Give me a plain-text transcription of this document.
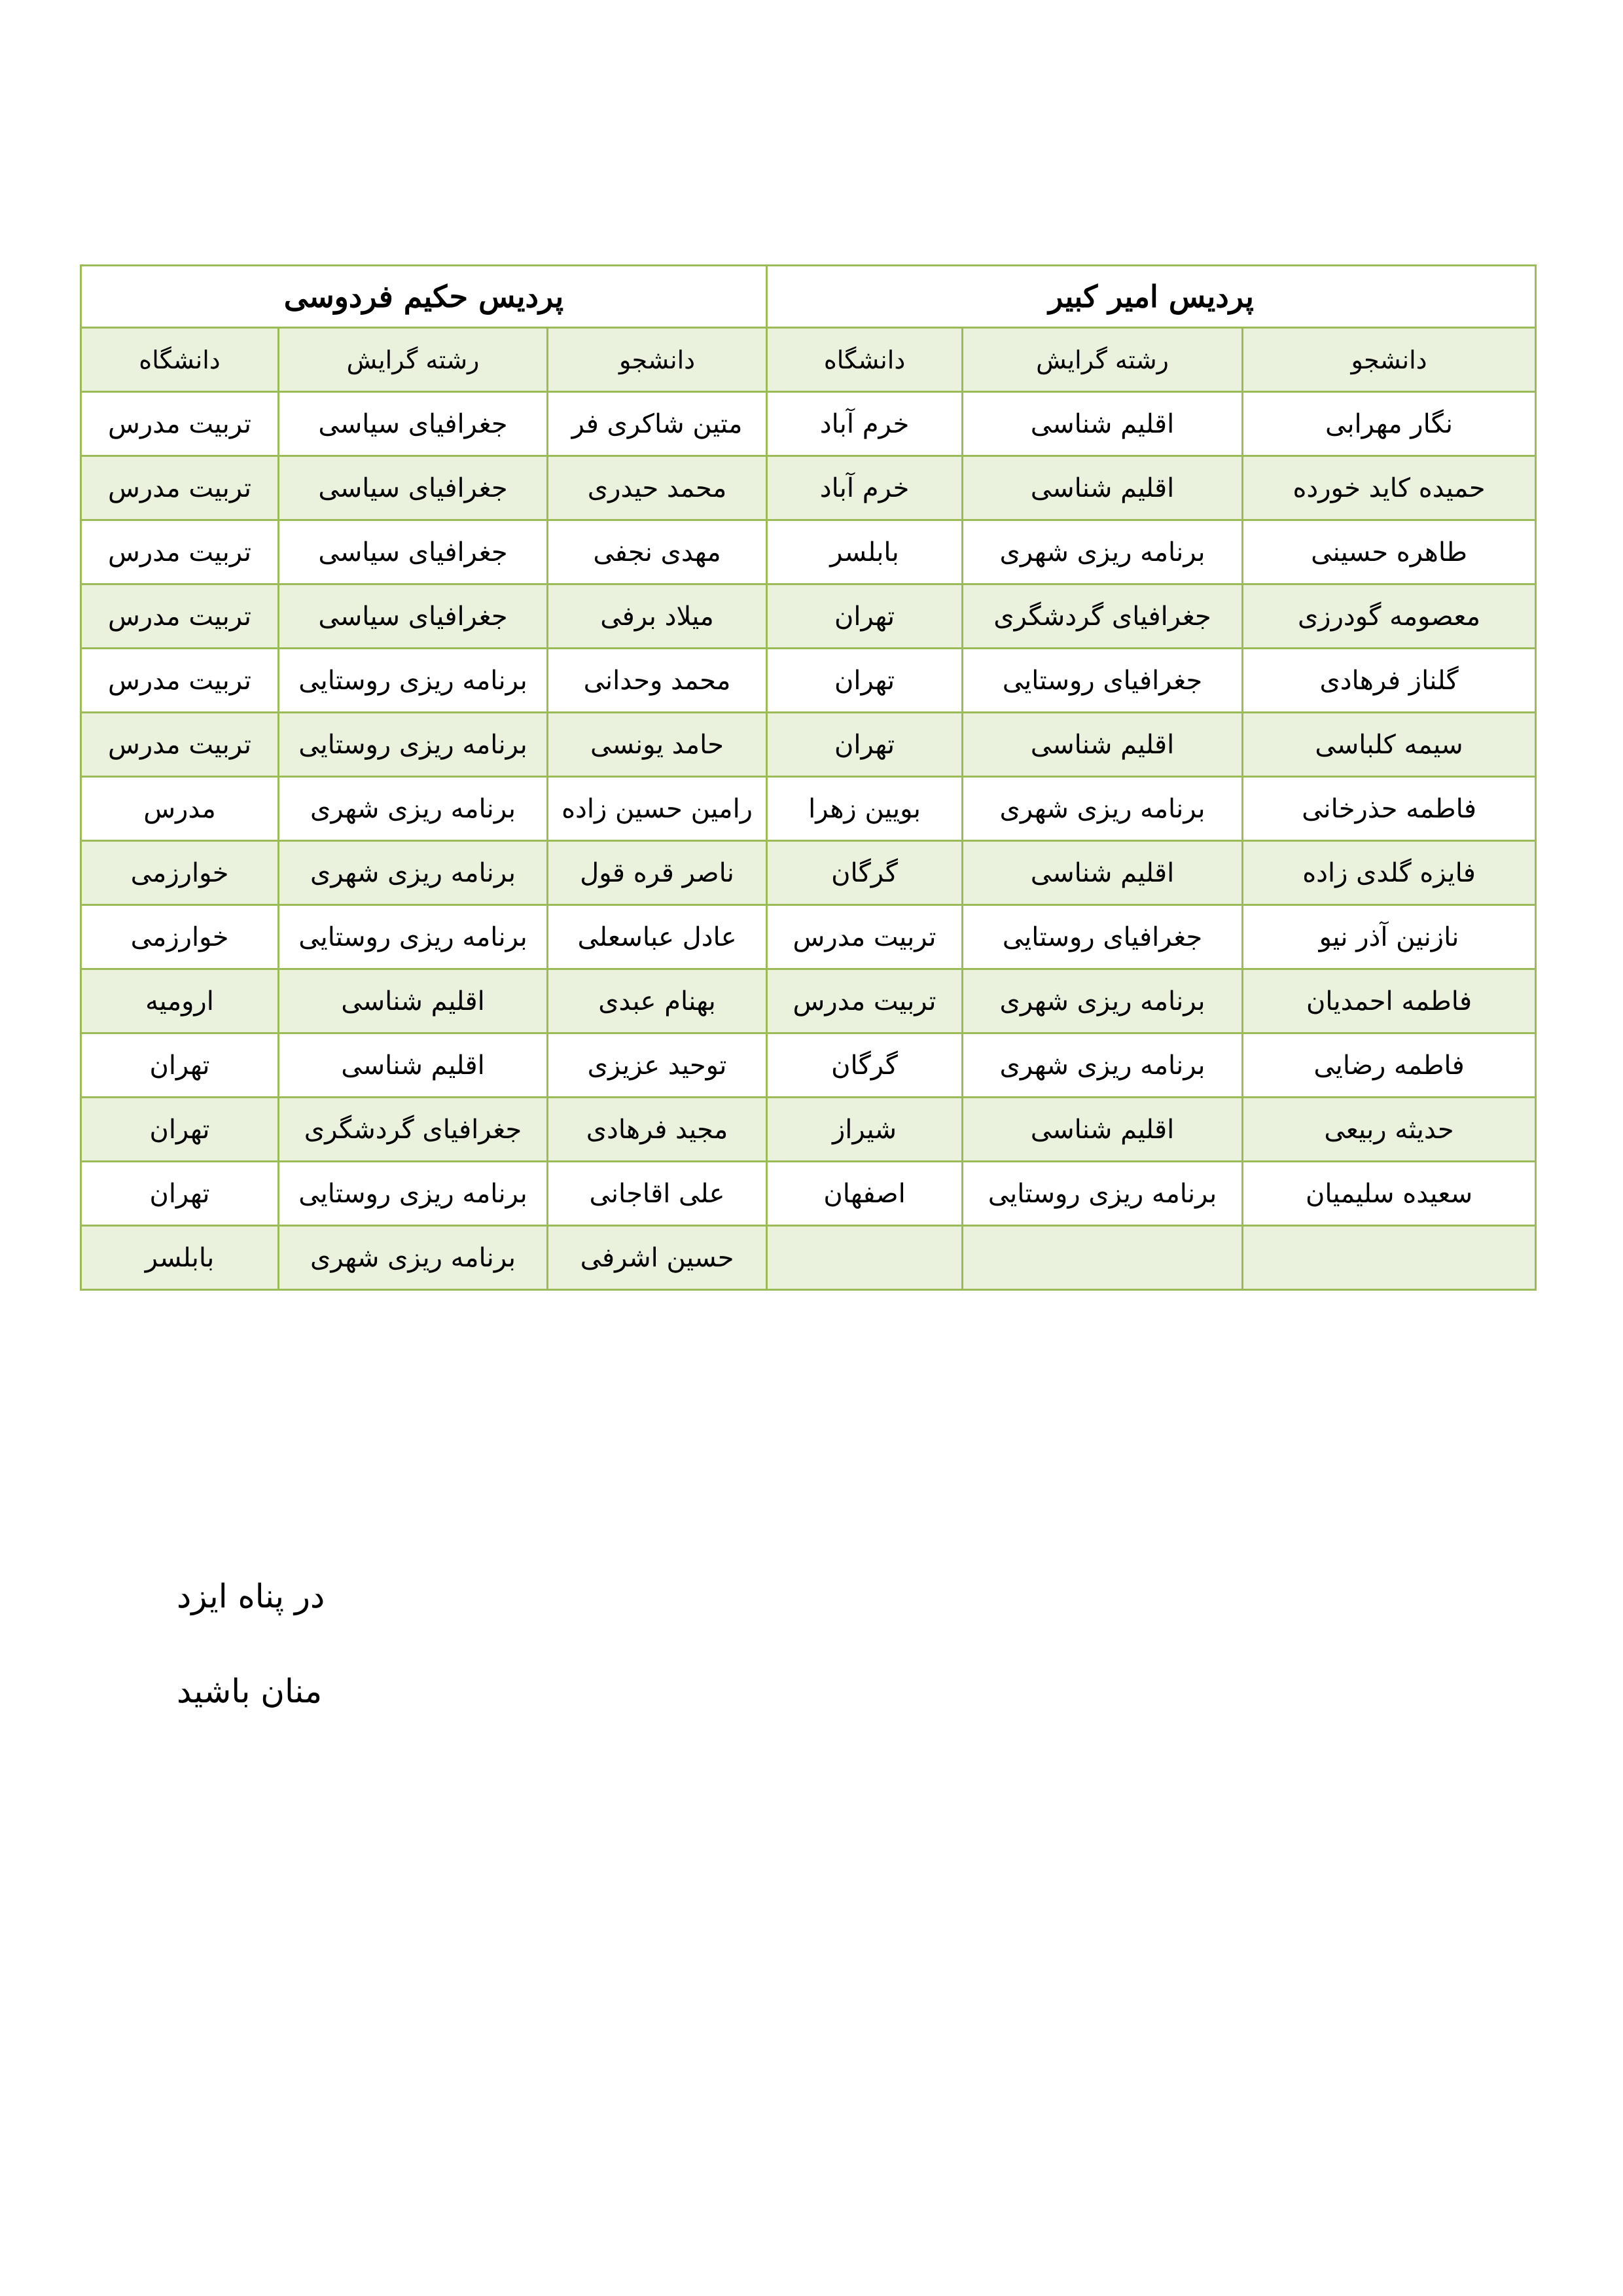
پردیس امیر کبیر			پردیس حکیم فردوسی		
دانشجو	رشته گرایش	دانشگاه	دانشجو	رشته گرایش	دانشگاه
نگار مهرابی	اقلیم شناسی	خرم آباد	متین شاکری فر	جغرافیای سیاسی	تربیت مدرس
حمیده کاید خورده	اقلیم شناسی	خرم آباد	محمد حیدری	جغرافیای سیاسی	تربیت مدرس
طاهره حسینی	برنامه ریزی شهری	بابلسر	مهدی نجفی	جغرافیای سیاسی	تربیت مدرس
معصومه گودرزی	جغرافیای گردشگری	تهران	میلاد برفی	جغرافیای سیاسی	تربیت مدرس
گلناز فرهادی	جغرافیای روستایی	تهران	محمد وحدانی	برنامه ریزی روستایی	تربیت مدرس
سیمه کلباسی	اقلیم شناسی	تهران	حامد یونسی	برنامه ریزی روستایی	تربیت مدرس
فاطمه حذرخانی	برنامه ریزی شهری	بویین زهرا	رامین حسین زاده	برنامه ریزی شهری	مدرس
فایزه گلدی زاده	اقلیم شناسی	گرگان	ناصر قره قول	برنامه ریزی شهری	خوارزمی
نازنین آذر نیو	جغرافیای روستایی	تربیت مدرس	عادل عباسعلی	برنامه ریزی روستایی	خوارزمی
فاطمه احمدیان	برنامه ریزی شهری	تربیت مدرس	بهنام عبدی	اقلیم شناسی	ارومیه
فاطمه رضایی	برنامه ریزی شهری	گرگان	توحید عزیزی	اقلیم شناسی	تهران
حدیثه ربیعی	اقلیم شناسی	شیراز	مجید فرهادی	جغرافیای گردشگری	تهران
سعیده سلیمیان	برنامه ریزی روستایی	اصفهان	علی اقاجانی	برنامه ریزی روستایی	تهران
			حسین اشرفی	برنامه ریزی شهری	بابلسر
در پناه ایزد
منان باشید
